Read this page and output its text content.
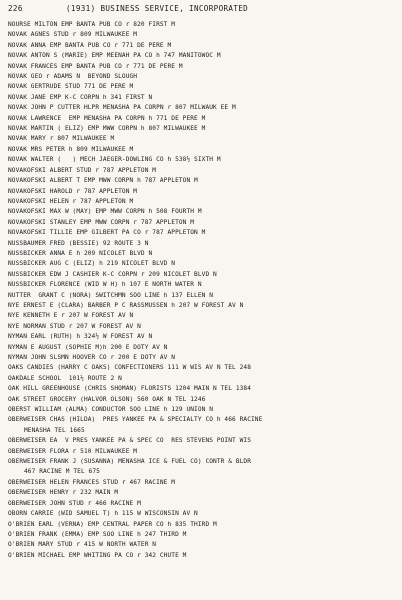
226	(1931) BUSINESS SERVICE, INCORPORATED
NOURSE MILTON EMP BANTA PUB CO r 820 FIRST M
NOVAK AGNES STUD r 809 MILWAUKEE M
NOVAK ANNA EMP BANTA PUB CO r 771 DE PERE M
NOVAK ANTON S (MARIE) EMP MEENAH PA CO h 747 MANITOWOC M
NOVAK FRANCES EMP BANTA PUB CO r 771 DE PERE M
NOVAK GEO r ADAMS N  BEYOND SLOUGH
NOVAK GERTRUDE STUD 771 DE PERE M
NOVAK JANE EMP K-C CORPN h 341 FIRST N
NOVAK JOHN P CUTTER HLPR MENASHA PA CORPN r 807 MILWAUK EE M
NOVAK LAWRENCE  EMP MENASHA PA CORPN h 771 DE PERE M
NOVAK MARTIN ( ELIZ) EMP MWW CORPN h 807 MILWAUKEE M
NOVAK MARY r 807 MILWAUKEE M
NOVAK MRS PETER h 809 MILWAUKEE M
NOVAK WALTER (   ) MECH JAEGER-DOWLING CO h 538½ SIXTH M
NOVAKOFSKI ALBERT STUD r 787 APPLETON M
NOVAKOFSKI ALBERT T EMP MWW CORPN h 787 APPLETON M
NOVAKOFSKI HAROLD r 787 APPLETON M
NOVAKOFSKI HELEN r 787 APPLETON M
NOVAKOFSKI MAX W (MAY) EMP MWW CORPN h 508 FOURTH M
NOVAKOFSKI STANLEY EMP MWW CORPN r 787 APPLETON M
NOVAKOFSKI TILLIE EMP GILBERT PA CO r 787 APPLETON M
NUSSBAUMER FRED (BESSIE) 92 ROUTE 3 N
NUSSBICKER ANNA E h 209 NICOLET BLVD N
NUSSBICKER AUG C (ELIZ) h 219 NICOLET BLVD N
NUSSBICKER EDW J CASHIER K-C CORPN r 209 NICOLET BLVD N
NUSSBICKER FLORENCE (WID W H) h 107 E NORTH WATER N
NUTTER  GRANT C (NORA) SWITCHMN SOO LINE h 137 ELLEN N
NYE ERNEST E (CLARA) BARBER P C RASSMUSSEN h 207 W FOREST AV N
NYE KENNETH E r 207 W FOREST AV N
NYE NORMAN STUD r 207 W FOREST AV N
NYMAN EARL (RUTH) h 324½ W FOREST AV N
NYMAN E AUGUST (SOPHIE M)h 200 E DOTY AV N
NYMAN JOHN SLSMN HOOVER CO r 200 E DOTY AV N
OAKS CANDIES (HARRY C OAKS) CONFECTIONERS 111 W WIS AV N TEL 248
OAKDALE SCHOOL  101½ ROUTE 2 N
OAK HILL GREENHOUSE (CHRIS SHOMAN) FLORISTS 1204 MAIN N TEL 1384
OAK STREET GROCERY (HALVOR OLSON) 560 OAK N TEL 1246
OBERST WILLIAM (ALMA) CONDUCTOR SOO LINE h 129 UNION N
OBERWEISER CHAS (HILDA)  PRES YANKEE PA & SPECIALTY CO h 466 RACINE
MENASHA TEL 1665
OBERWEISER EA  V PRES YANKEE PA & SPEC CO  RES STEVENS POINT WIS
OBERWEISER FLORA r 510 MILWAUKEE M
OBERWEISER FRANK J (SUSANNA) MENASHA ICE & FUEL CO) CONTR & BLDR
467 RACINE M TEL 675
OBERWEISER HELEN FRANCES STUD r 467 RACINE M
OBERWEISER HENRY r 232 MAIN M
OBERWEISER JOHN STUD r 466 RACINE M
OBORN CARRIE (WID SAMUEL T) h 115 W WISCONSIN AV N
O'BRIEN EARL (VERNA) EMP CENTRAL PAPER CO h 835 THIRD M
O'BRIEN FRANK (EMMA) EMP SOO LINE h 247 THIRD M
O'BRIEN MARY STUD r 415 W NORTH WATER N
O'BRIEN MICHAEL EMP WHITING PA CO r 342 CHUTE M
